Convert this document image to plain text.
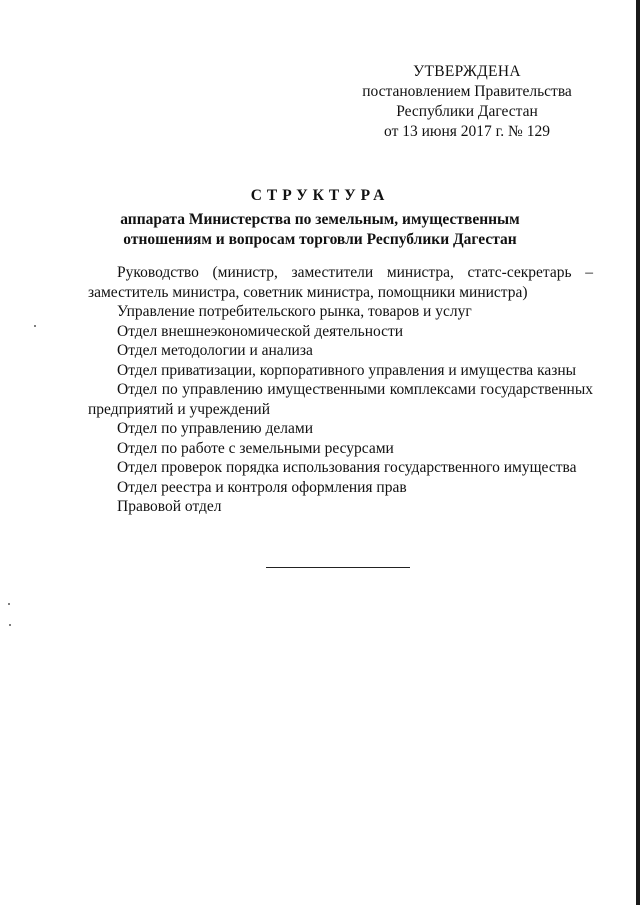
УТВЕРЖДЕНА
постановлением Правительства
Республики Дагестан
от 13 июня 2017 г. № 129
СТРУКТУРА
аппарата Министерства по земельным, имущественным
отношениям и вопросам торговли Республики Дагестан
Руководство (министр, заместители министра, статс-секретарь – заместитель министра, советник министра, помощники министра)
Управление потребительского рынка, товаров и услуг
Отдел внешнеэкономической деятельности
Отдел методологии и анализа
Отдел приватизации, корпоративного управления и имущества казны
Отдел по управлению имущественными комплексами государственных предприятий и учреждений
Отдел по управлению делами
Отдел по работе с земельными ресурсами
Отдел проверок порядка использования государственного имущества
Отдел реестра и контроля оформления прав
Правовой отдел
